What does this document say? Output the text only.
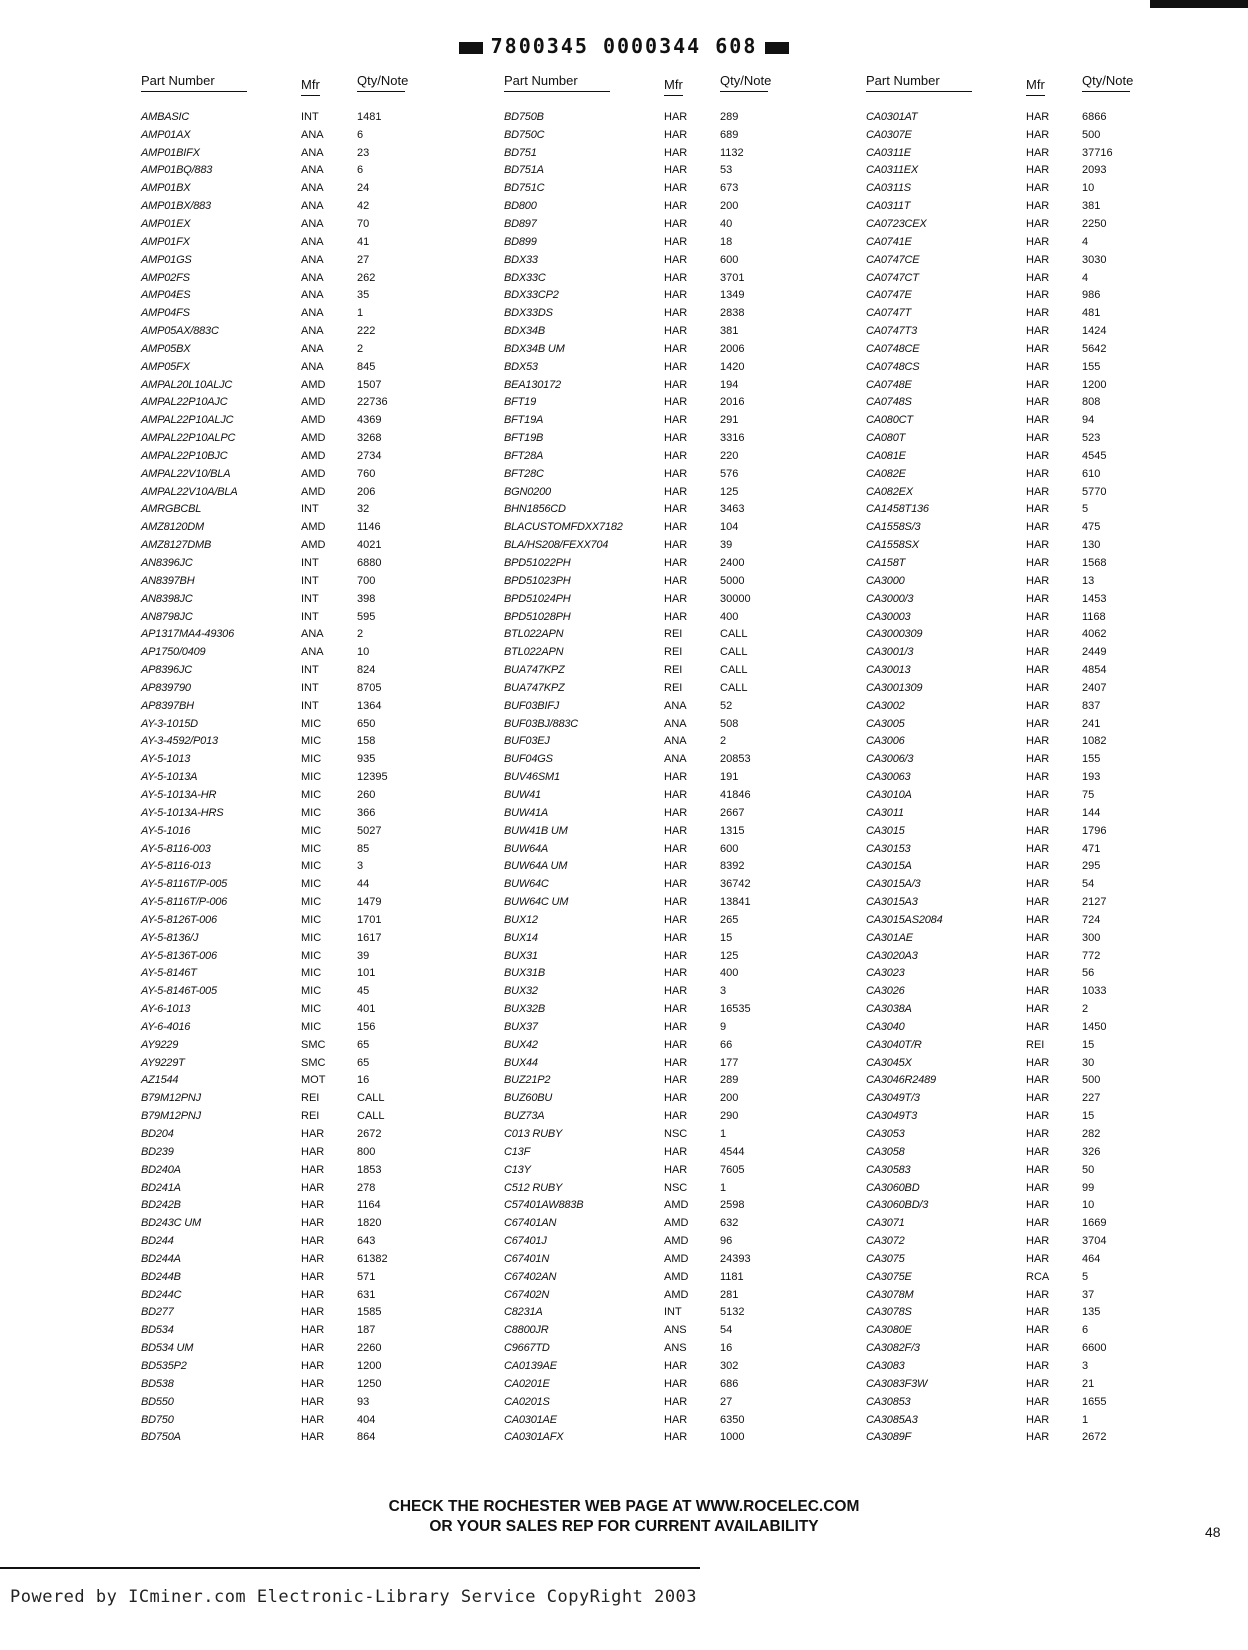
7800345 0000344 608
Part Number	Mfr	Qty/Note
AMBASIC	INT	1481
AMP01AX	ANA	6
AMP01BIFX	ANA	23
AMP01BQ/883	ANA	6
AMP01BX	ANA	24
AMP01BX/883	ANA	42
AMP01EX	ANA	70
AMP01FX	ANA	41
AMP01GS	ANA	27
AMP02FS	ANA	262
AMP04ES	ANA	35
AMP04FS	ANA	1
AMP05AX/883C	ANA	222
AMP05BX	ANA	2
AMP05FX	ANA	845
AMPAL20L10ALJC	AMD	1507
AMPAL22P10AJC	AMD	22736
AMPAL22P10ALJC	AMD	4369
AMPAL22P10ALPC	AMD	3268
AMPAL22P10BJC	AMD	2734
AMPAL22V10/BLA	AMD	760
AMPAL22V10A/BLA	AMD	206
AMRGBCBL	INT	32
AMZ8120DM	AMD	1146
AMZ8127DMB	AMD	4021
AN8396JC	INT	6880
AN8397BH	INT	700
AN8398JC	INT	398
AN8798JC	INT	595
AP1317MA4-49306	ANA	2
AP1750/0409	ANA	10
AP8396JC	INT	824
AP839790	INT	8705
AP8397BH	INT	1364
AY-3-1015D	MIC	650
AY-3-4592/P013	MIC	158
AY-5-1013	MIC	935
AY-5-1013A	MIC	12395
AY-5-1013A-HR	MIC	260
AY-5-1013A-HRS	MIC	366
AY-5-1016	MIC	5027
AY-5-8116-003	MIC	85
AY-5-8116-013	MIC	3
AY-5-8116T/P-005	MIC	44
AY-5-8116T/P-006	MIC	1479
AY-5-8126T-006	MIC	1701
AY-5-8136/J	MIC	1617
AY-5-8136T-006	MIC	39
AY-5-8146T	MIC	101
AY-5-8146T-005	MIC	45
AY-6-1013	MIC	401
AY-6-4016	MIC	156
AY9229	SMC	65
AY9229T	SMC	65
AZ1544	MOT	16
B79M12PNJ	REI	CALL
B79M12PNJ	REI	CALL
BD204	HAR	2672
BD239	HAR	800
BD240A	HAR	1853
BD241A	HAR	278
BD242B	HAR	1164
BD243C UM	HAR	1820
BD244	HAR	643
BD244A	HAR	61382
BD244B	HAR	571
BD244C	HAR	631
BD277	HAR	1585
BD534	HAR	187
BD534 UM	HAR	2260
BD535P2	HAR	1200
BD538	HAR	1250
BD550	HAR	93
BD750	HAR	404
BD750A	HAR	864
Part Number	Mfr	Qty/Note
BD750B	HAR	289
BD750C	HAR	689
BD751	HAR	1132
BD751A	HAR	53
BD751C	HAR	673
BD800	HAR	200
BD897	HAR	40
BD899	HAR	18
BDX33	HAR	600
BDX33C	HAR	3701
BDX33CP2	HAR	1349
BDX33DS	HAR	2838
BDX34B	HAR	381
BDX34B UM	HAR	2006
BDX53	HAR	1420
BEA130172	HAR	194
BFT19	HAR	2016
BFT19A	HAR	291
BFT19B	HAR	3316
BFT28A	HAR	220
BFT28C	HAR	576
BGN0200	HAR	125
BHN1856CD	HAR	3463
BLACUSTOMFDXX7182	HAR	104
BLA/HS208/FEXX704	HAR	39
BPD51022PH	HAR	2400
BPD51023PH	HAR	5000
BPD51024PH	HAR	30000
BPD51028PH	HAR	400
BTL022APN	REI	CALL
BTL022APN	REI	CALL
BUA747KPZ	REI	CALL
BUA747KPZ	REI	CALL
BUF03BIFJ	ANA	52
BUF03BJ/883C	ANA	508
BUF03EJ	ANA	2
BUF04GS	ANA	20853
BUV46SM1	HAR	191
BUW41	HAR	41846
BUW41A	HAR	2667
BUW41B UM	HAR	1315
BUW64A	HAR	600
BUW64A UM	HAR	8392
BUW64C	HAR	36742
BUW64C UM	HAR	13841
BUX12	HAR	265
BUX14	HAR	15
BUX31	HAR	125
BUX31B	HAR	400
BUX32	HAR	3
BUX32B	HAR	16535
BUX37	HAR	9
BUX42	HAR	66
BUX44	HAR	177
BUZ21P2	HAR	289
BUZ60BU	HAR	200
BUZ73A	HAR	290
C013 RUBY	NSC	1
C13F	HAR	4544
C13Y	HAR	7605
C512 RUBY	NSC	1
C57401AW883B	AMD	2598
C67401AN	AMD	632
C67401J	AMD	96
C67401N	AMD	24393
C67402AN	AMD	1181
C67402N	AMD	281
C8231A	INT	5132
C8800JR	ANS	54
C9667TD	ANS	16
CA0139AE	HAR	302
CA0201E	HAR	686
CA0201S	HAR	27
CA0301AE	HAR	6350
CA0301AFX	HAR	1000
Part Number	Mfr	Qty/Note
CA0301AT	HAR	6866
CA0307E	HAR	500
CA0311E	HAR	37716
CA0311EX	HAR	2093
CA0311S	HAR	10
CA0311T	HAR	381
CA0723CEX	HAR	2250
CA0741E	HAR	4
CA0747CE	HAR	3030
CA0747CT	HAR	4
CA0747E	HAR	986
CA0747T	HAR	481
CA0747T3	HAR	1424
CA0748CE	HAR	5642
CA0748CS	HAR	155
CA0748E	HAR	1200
CA0748S	HAR	808
CA080CT	HAR	94
CA080T	HAR	523
CA081E	HAR	4545
CA082E	HAR	610
CA082EX	HAR	5770
CA1458T136	HAR	5
CA1558S/3	HAR	475
CA1558SX	HAR	130
CA158T	HAR	1568
CA3000	HAR	13
CA3000/3	HAR	1453
CA30003	HAR	1168
CA3000309	HAR	4062
CA3001/3	HAR	2449
CA30013	HAR	4854
CA3001309	HAR	2407
CA3002	HAR	837
CA3005	HAR	241
CA3006	HAR	1082
CA3006/3	HAR	155
CA30063	HAR	193
CA3010A	HAR	75
CA3011	HAR	144
CA3015	HAR	1796
CA30153	HAR	471
CA3015A	HAR	295
CA3015A/3	HAR	54
CA3015A3	HAR	2127
CA3015AS2084	HAR	724
CA301AE	HAR	300
CA3020A3	HAR	772
CA3023	HAR	56
CA3026	HAR	1033
CA3038A	HAR	2
CA3040	HAR	1450
CA3040T/R	REI	15
CA3045X	HAR	30
CA3046R2489	HAR	500
CA3049T/3	HAR	227
CA3049T3	HAR	15
CA3053	HAR	282
CA3058	HAR	326
CA30583	HAR	50
CA3060BD	HAR	99
CA3060BD/3	HAR	10
CA3071	HAR	1669
CA3072	HAR	3704
CA3075	HAR	464
CA3075E	RCA	5
CA3078M	HAR	37
CA3078S	HAR	135
CA3080E	HAR	6
CA3082F/3	HAR	6600
CA3083	HAR	3
CA3083F3W	HAR	21
CA30853	HAR	1655
CA3085A3	HAR	1
CA3089F	HAR	2672
CHECK THE ROCHESTER WEB PAGE AT WWW.ROCELEC.COM
OR YOUR SALES REP FOR CURRENT AVAILABILITY	48
Powered by ICminer.com Electronic-Library Service CopyRight 2003
